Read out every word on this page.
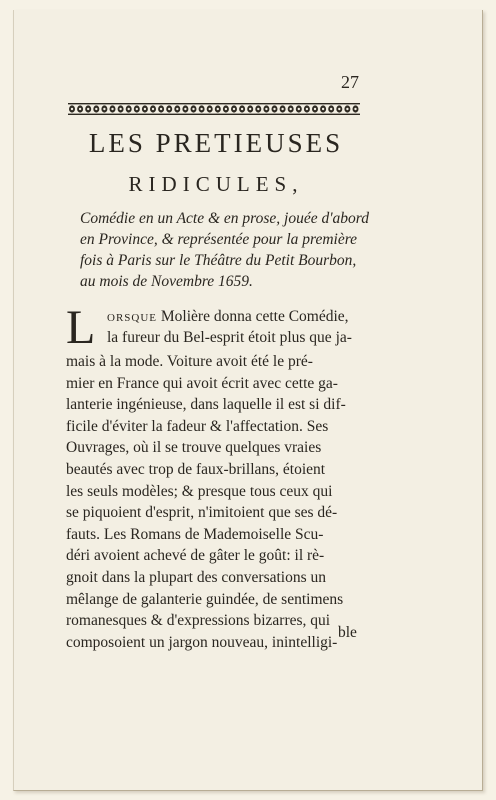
27
LES PRETIEUSES
RIDICULES,
Comédie en un Acte & en prose, jouée d'abord
en Province, & représentée pour la première
fois à Paris sur le Théâtre du Petit Bourbon,
au mois de Novembre 1659.
L orsque Molière donna cette Comédie,
la fureur du Bel-esprit étoit plus que ja-
mais à la mode. Voiture avoit été le pré-
mier en France qui avoit écrit avec cette ga-
lanterie ingénieuse, dans laquelle il est si dif-
ficile d'éviter la fadeur & l'affectation. Ses
Ouvrages, où il se trouve quelques vraies
beautés avec trop de faux-brillans, étoient
les seuls modèles; & presque tous ceux qui
se piquoient d'esprit, n'imitoient que ses dé-
fauts. Les Romans de Mademoiselle Scu-
déri avoient achevé de gâter le goût: il rè-
gnoit dans la plupart des conversations un
mêlange de galanterie guindée, de sentimens
romanesques & d'expressions bizarres, qui
composoient un jargon nouveau, inintelligi-
ble
